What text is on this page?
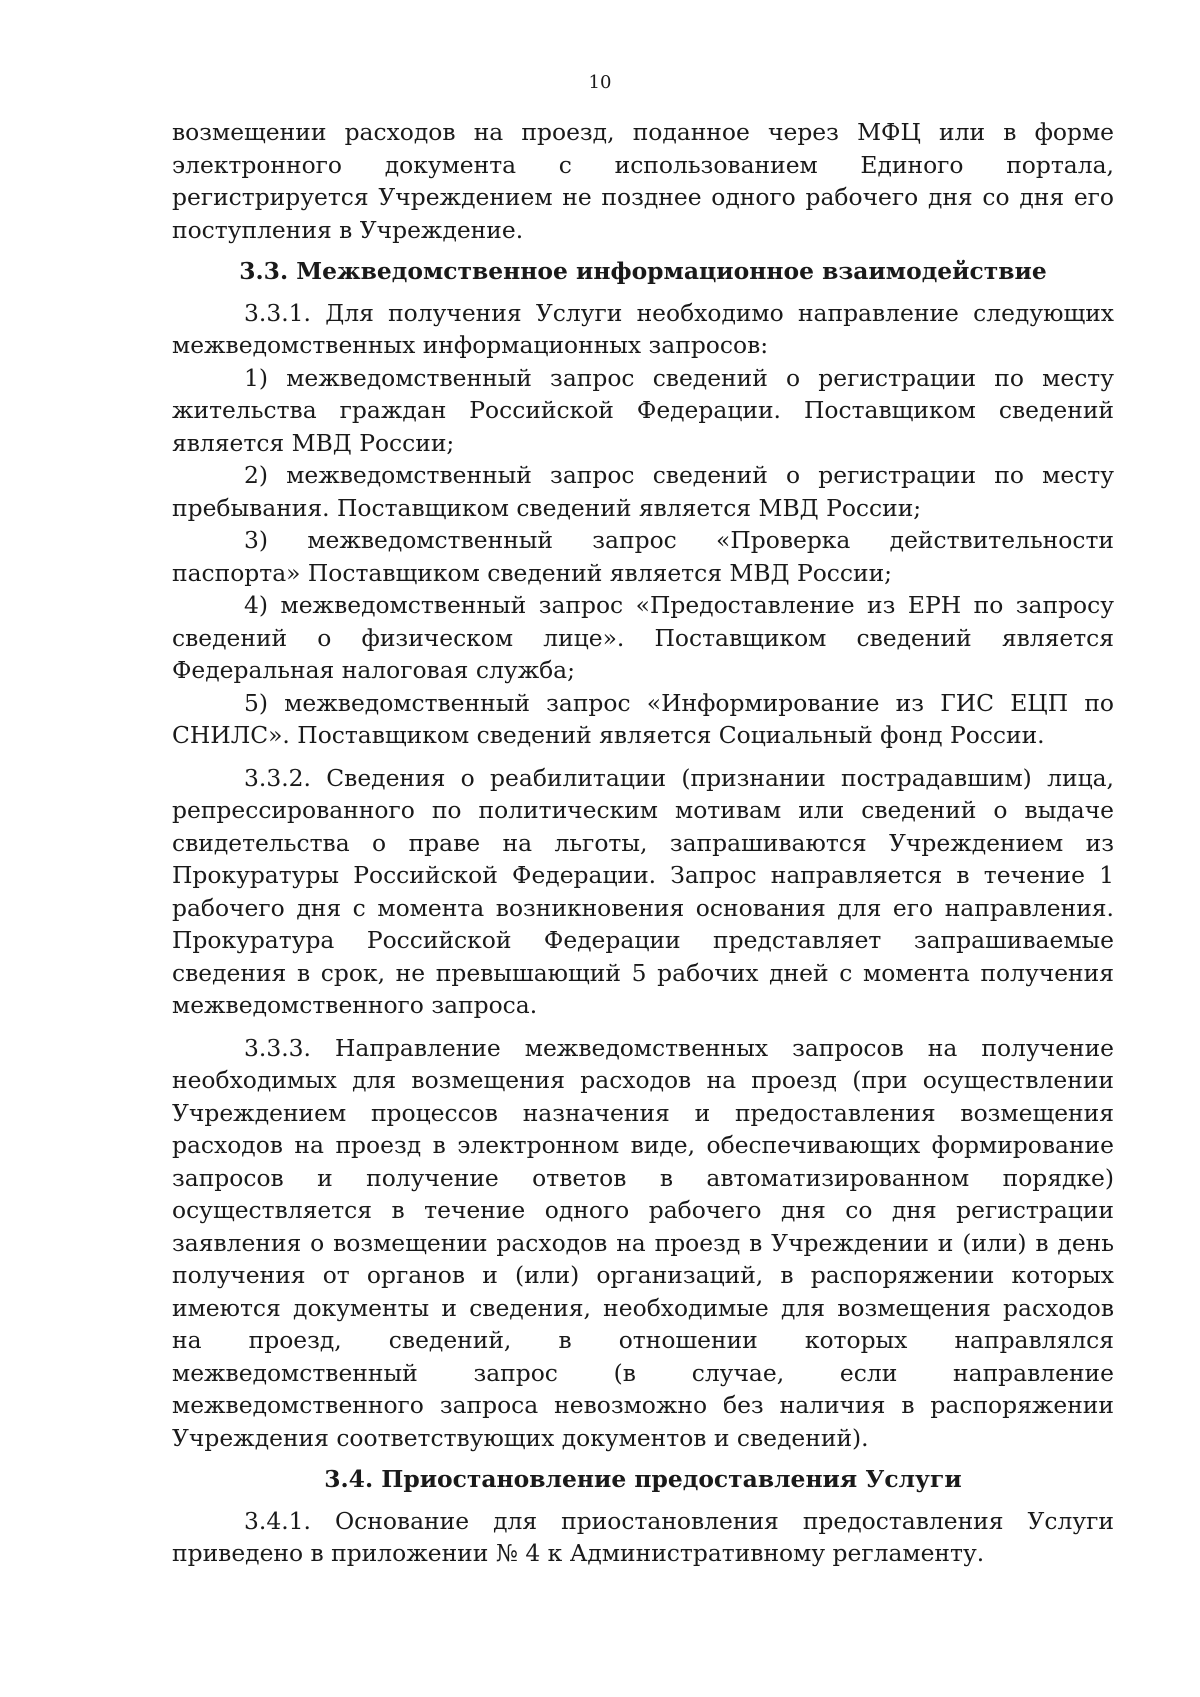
10

возмещении расходов на проезд, поданное через МФЦ или в форме электронного документа с использованием Единого портала, регистрируется Учреждением не позднее одного рабочего дня со дня его поступления в Учреждение.

3.3. Межведомственное информационное взаимодействие

3.3.1. Для получения Услуги необходимо направление следующих межведомственных информационных запросов:

1) межведомственный запрос сведений о регистрации по месту жительства граждан Российской Федерации. Поставщиком сведений является МВД России;

2) межведомственный запрос сведений о регистрации по месту пребывания. Поставщиком сведений является МВД России;

3) межведомственный запрос «Проверка действительности паспорта» Поставщиком сведений является МВД России;

4) межведомственный запрос «Предоставление из ЕРН по запросу сведений о физическом лице». Поставщиком сведений является Федеральная налоговая служба;

5) межведомственный запрос «Информирование из ГИС ЕЦП по СНИЛС». Поставщиком сведений является Социальный фонд России.

3.3.2. Сведения о реабилитации (признании пострадавшим) лица, репрессированного по политическим мотивам или сведений о выдаче свидетельства о праве на льготы, запрашиваются Учреждением из Прокуратуры Российской Федерации. Запрос направляется в течение 1 рабочего дня с момента возникновения основания для его направления. Прокуратура Российской Федерации представляет запрашиваемые сведения в срок, не превышающий 5 рабочих дней с момента получения межведомственного запроса.

3.3.3. Направление межведомственных запросов на получение необходимых для возмещения расходов на проезд (при осуществлении Учреждением процессов назначения и предоставления возмещения расходов на проезд в электронном виде, обеспечивающих формирование запросов и получение ответов в автоматизированном порядке) осуществляется в течение одного рабочего дня со дня регистрации заявления о возмещении расходов на проезд в Учреждении и (или) в день получения от органов и (или) организаций, в распоряжении которых имеются документы и сведения, необходимые для возмещения расходов на проезд, сведений, в отношении которых направлялся межведомственный запрос (в случае, если направление межведомственного запроса невозможно без наличия в распоряжении Учреждения соответствующих документов и сведений).

3.4. Приостановление предоставления Услуги

3.4.1. Основание для приостановления предоставления Услуги приведено в приложении № 4 к Административному регламенту.
